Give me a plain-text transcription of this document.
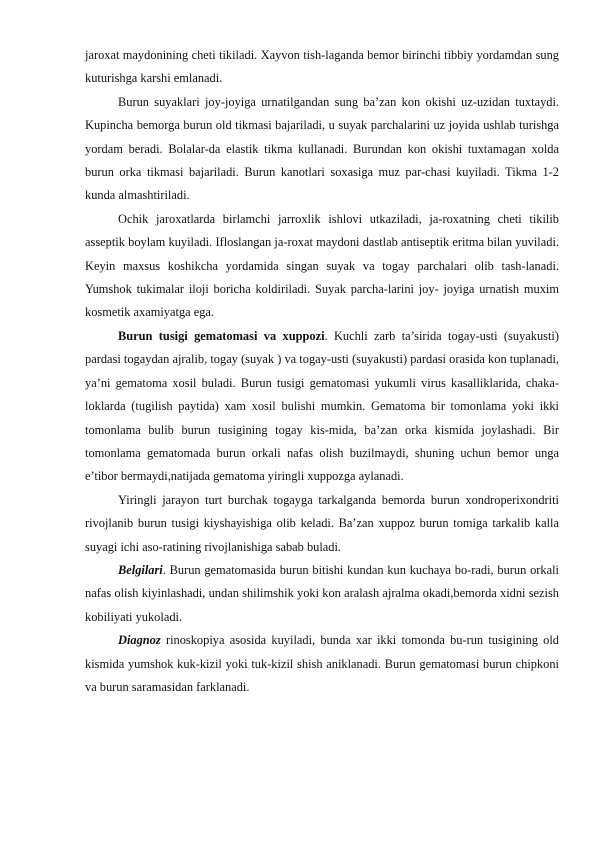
jaroxat maydonining cheti tikiladi. Xayvon tish-laganda bemor birinchi tibbiy yordamdan sung kuturishga karshi emlanadi.

Burun suyaklari joy-joyiga urnatilgandan sung ba’zan kon okishi uz-uzidan tuxtaydi. Kupincha bemorga burun old tikmasi bajariladi, u suyak parchalarini uz joyida ushlab turishga yordam beradi. Bolalar-da elastik tikma kullanadi. Burundan kon okishi tuxtamagan xolda burun orka tikmasi bajariladi. Burun kanotlari soxasiga muz par-chasi kuyiladi. Tikma 1-2 kunda almashtiriladi.

Ochik jaroxatlarda birlamchi jarroxlik ishlovi utkaziladi, ja-roxatning cheti tikilib asseptik boylam kuyiladi. Ifloslangan ja-roxat maydoni dastlab antiseptik eritma bilan yuviladi. Keyin maxsus koshikcha yordamida singan suyak va togay parchalari olib tash-lanadi. Yumshok tukimalar iloji boricha koldiriladi. Suyak parcha-larini joy- joyiga urnatish muxim kosmetik axamiyatga ega.

Burun tusigi gematomasi va xuppozi. Kuchli zarb ta’sirida togay-usti (suyakusti) pardasi togaydan ajralib, togay (suyak ) va togay-usti (suyakusti) pardasi orasida kon tuplanadi, ya’ni gematoma xosil buladi. Burun tusigi gematomasi yukumli virus kasalliklarida, chaka-loklarda (tugilish paytida) xam xosil bulishi mumkin. Gematoma bir tomonlama yoki ikki tomonlama bulib burun tusigining togay kis-mida, ba’zan orka kismida joylashadi. Bir tomonlama gematomada burun orkali nafas olish buzilmaydi, shuning uchun bemor unga e’tibor bermaydi,natijada gematoma yiringli xuppozga aylanadi.

Yiringli jarayon turt burchak togayga tarkalganda bemorda burun xondroperixondriti rivojlanib burun tusigi kiyshayishiga olib keladi. Ba’zan xuppoz burun tomiga tarkalib kalla suyagi ichi aso-ratining rivojlanishiga sabab buladi.

Belgilari. Burun gematomasida burun bitishi kundan kun kuchaya bo-radi, burun orkali nafas olish kiyinlashadi, undan shilimshik yoki kon aralash ajralma okadi,bemorda xidni sezish kobiliyati yukoladi.

Diagnoz rinoskopiya asosida kuyiladi, bunda xar ikki tomonda bu-run tusigining old kismida yumshok kuk-kizil yoki tuk-kizil shish aniklanadi. Burun gematomasi burun chipkoni va burun saramasidan farklanadi.
